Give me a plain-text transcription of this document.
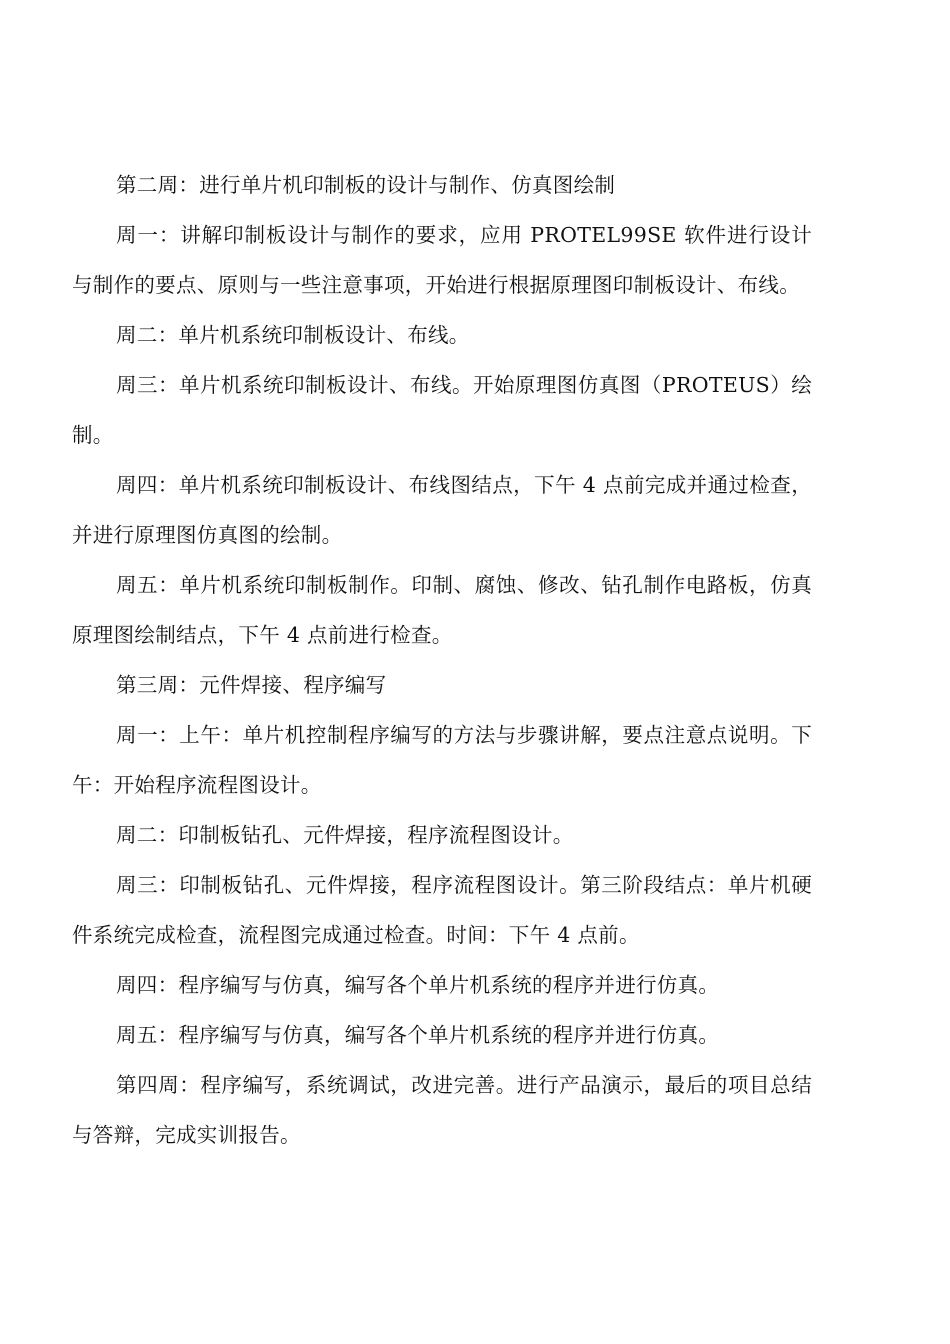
第二周：进行单片机印制板的设计与制作、仿真图绘制

周一：讲解印制板设计与制作的要求，应用 PROTEL99SE 软件进行设计与制作的要点、原则与一些注意事项，开始进行根据原理图印制板设计、布线。

周二：单片机系统印制板设计、布线。

周三：单片机系统印制板设计、布线。开始原理图仿真图（PROTEUS）绘制。

周四：单片机系统印制板设计、布线图结点，下午 4 点前完成并通过检查，并进行原理图仿真图的绘制。

周五：单片机系统印制板制作。印制、腐蚀、修改、钻孔制作电路板，仿真原理图绘制结点，下午 4 点前进行检查。

第三周：元件焊接、程序编写

周一：上午：单片机控制程序编写的方法与步骤讲解，要点注意点说明。下午：开始程序流程图设计。

周二：印制板钻孔、元件焊接，程序流程图设计。

周三：印制板钻孔、元件焊接，程序流程图设计。第三阶段结点：单片机硬件系统完成检查，流程图完成通过检查。时间：下午 4 点前。

周四：程序编写与仿真，编写各个单片机系统的程序并进行仿真。

周五：程序编写与仿真，编写各个单片机系统的程序并进行仿真。

第四周：程序编写，系统调试，改进完善。进行产品演示，最后的项目总结与答辩，完成实训报告。
